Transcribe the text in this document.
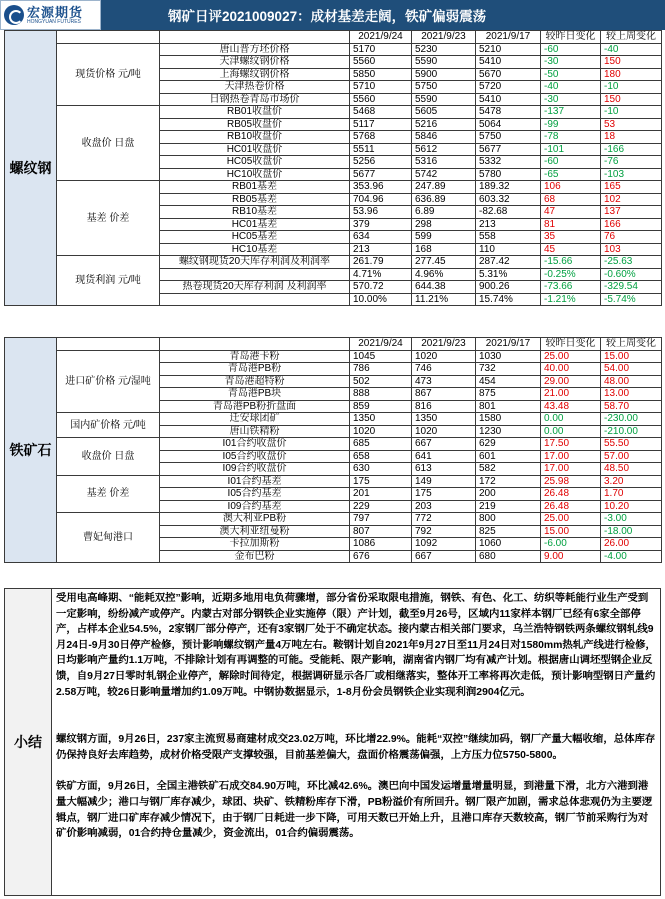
宏源期货
HONGYUAN FUTURES	钢矿日评2021009027：成材基差走阔，铁矿偏弱震荡
螺纹钢			2021/9/24	2021/9/23	2021/9/17	较昨日变化	较上周变化
	现货价格 元/吨	唐山普方坯价格	5170	5230	5210	-60	-40
		天津螺纹钢价格	5560	5590	5410	-30	150
		上海螺纹钢价格	5850	5900	5670	-50	180
		天津热卷价格	5710	5750	5720	-40	-10
		日钢热卷青岛市场价	5560	5590	5410	-30	150
	收盘价 日盘	RB01收盘价	5468	5605	5478	-137	-10
		RB05收盘价	5117	5216	5064	-99	53
		RB10收盘价	5768	5846	5750	-78	18
		HC01收盘价	5511	5612	5677	-101	-166
		HC05收盘价	5256	5316	5332	-60	-76
		HC10收盘价	5677	5742	5780	-65	-103
	基差 价差	RB01基差	353.96	247.89	189.32	106	165
		RB05基差	704.96	636.89	603.32	68	102
		RB10基差	53.96	6.89	-82.68	47	137
		HC01基差	379	298	213	81	166
		HC05基差	634	599	558	35	76
		HC10基差	213	168	110	45	103
	现货利润 元/吨	螺纹钢现货20天库存利润及利润率	261.79	277.45	287.42	-15.66	-25.63
			4.71%	4.96%	5.31%	-0.25%	-0.60%
		热卷现货20天库存利润 及利润率	570.72	644.38	900.26	-73.66	-329.54
			10.00%	11.21%	15.74%	-1.21%	-5.74%
铁矿石			2021/9/24	2021/9/23	2021/9/17	较昨日变化	较上周变化
	进口矿价格 元/湿吨	青岛港卡粉	1045	1020	1030	25.00	15.00
		青岛港PB粉	786	746	732	40.00	54.00
		青岛港超特粉	502	473	454	29.00	48.00
		青岛港PB块	888	867	875	21.00	13.00
		青岛港PB粉折盘面	859	816	801	43.48	58.70
	国内矿价格 元/吨	迁安球团矿	1350	1350	1580	0.00	-230.00
		唐山铁精粉	1020	1020	1230	0.00	-210.00
	收盘价 日盘	I01合约收盘价	685	667	629	17.50	55.50
		I05合约收盘价	658	641	601	17.00	57.00
		I09合约收盘价	630	613	582	17.00	48.50
	基差 价差	I01合约基差	175	149	172	25.98	3.20
		I05合约基差	201	175	200	26.48	1.70
		I09合约基差	229	203	219	26.48	10.20
	曹妃甸港口	澳大利亚PB粉	797	772	800	25.00	-3.00
		澳大利亚纽曼粉	807	792	825	15.00	-18.00
		卡拉加斯粉	1086	1092	1060	-6.00	26.00
		金布巴粉	676	667	680	9.00	-4.00
小结

受用电高峰期、“能耗双控”影响，近期多地用电负荷骤增，部分省份采取限电措施，钢铁、有色、化工、纺织等耗能行业生产受到一定影响，纷纷减产或停产。内蒙古对部分钢铁企业实施停（限）产计划，截至9月26号，区域内11家样本钢厂已经有6家全部停产，占样本企业54.5%，2家钢厂部分停产，还有3家钢厂处于不确定状态。接内蒙古相关部门要求，乌兰浩特钢铁两条螺纹钢轧线9月24日-9月30日停产检修，预计影响螺纹钢产量4万吨左右。鞍钢计划自2021年9月27日至11月24日对1580mm热轧产线进行检修，日均影响产量约1.1万吨，不排除计划有再调整的可能。受能耗、限产影响，湖南省内钢厂均有减产计划。根据唐山调坯型钢企业反馈，自9月27日零时轧钢企业停产，解除时间待定，根据调研显示各厂或相继落实，整体开工率将再次走低，预计影响型钢日产量约2.58万吨，较26日影响量增加约1.09万吨。中钢协数据显示，1-8月份会员钢铁企业实现利润2904亿元。

螺纹钢方面，9月26日，237家主流贸易商建材成交23.02万吨，环比增22.9%。能耗“双控”继续加码，钢厂产量大幅收缩，总体库存仍保持良好去库趋势，成材价格受限产支撑较强，目前基差偏大，盘面价格震荡偏强，上方压力位5750-5800。

铁矿方面，9月26日，全国主港铁矿石成交84.90万吨，环比减42.6%。澳巴向中国发运增量增量明显，到港量下滑，北方六港到港量大幅减少；港口与钢厂库存减少，球团、块矿、铁精粉库存下滑，PB粉溢价有所回升。钢厂限产加剧，需求总体悲观仍为主要逻辑点，钢厂进口矿库存减少情况下，由于钢厂日耗进一步下降，可用天数已开始上升，且港口库存天数较高，钢厂节前采购行为对矿价影响减弱，01合约持仓量减少，资金流出，01合约偏弱震荡。
